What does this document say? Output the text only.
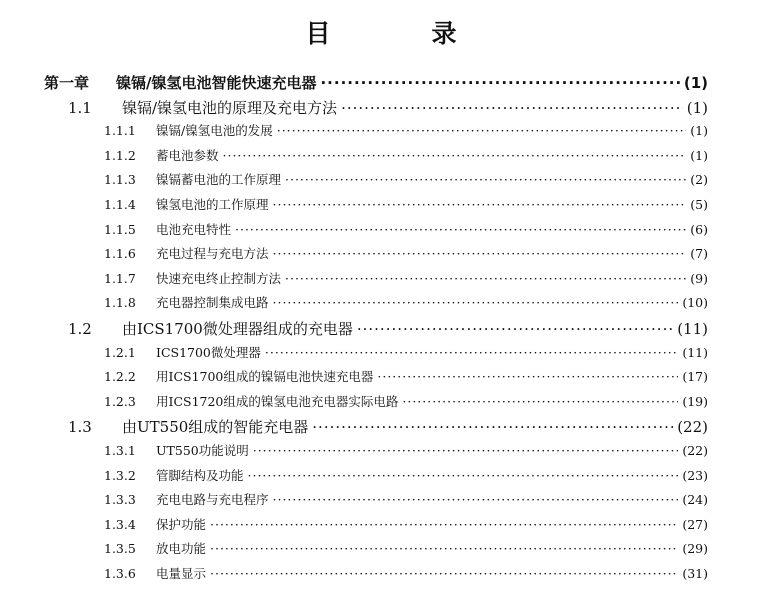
目　录
第一章	镍镉/镍氢电池智能快速充电器 ·····	(1)
1.1	镍镉/镍氢电池的原理及充电方法 ·····	(1)
1.1.1	镍镉/镍氢电池的发展 ·····	(1)
1.1.2	蓄电池参数 ·····	(1)
1.1.3	镍镉蓄电池的工作原理 ·····	(2)
1.1.4	镍氢电池的工作原理 ·····	(5)
1.1.5	电池充电特性 ·····	(6)
1.1.6	充电过程与充电方法 ·····	(7)
1.1.7	快速充电终止控制方法 ·····	(9)
1.1.8	充电器控制集成电路 ·····	(10)
1.2	由ICS1700微处理器组成的充电器 ·····	(11)
1.2.1	ICS1700微处理器 ·····	(11)
1.2.2	用ICS1700组成的镍镉电池快速充电器 ·····	(17)
1.2.3	用ICS1720组成的镍氢电池充电器实际电路 ·····	(19)
1.3	由UT550组成的智能充电器 ·····	(22)
1.3.1	UT550功能说明 ·····	(22)
1.3.2	管脚结构及功能 ·····	(23)
1.3.3	充电电路与充电程序 ·····	(24)
1.3.4	保护功能 ·····	(27)
1.3.5	放电功能 ·····	(29)
1.3.6	电量显示 ·····	(31)
